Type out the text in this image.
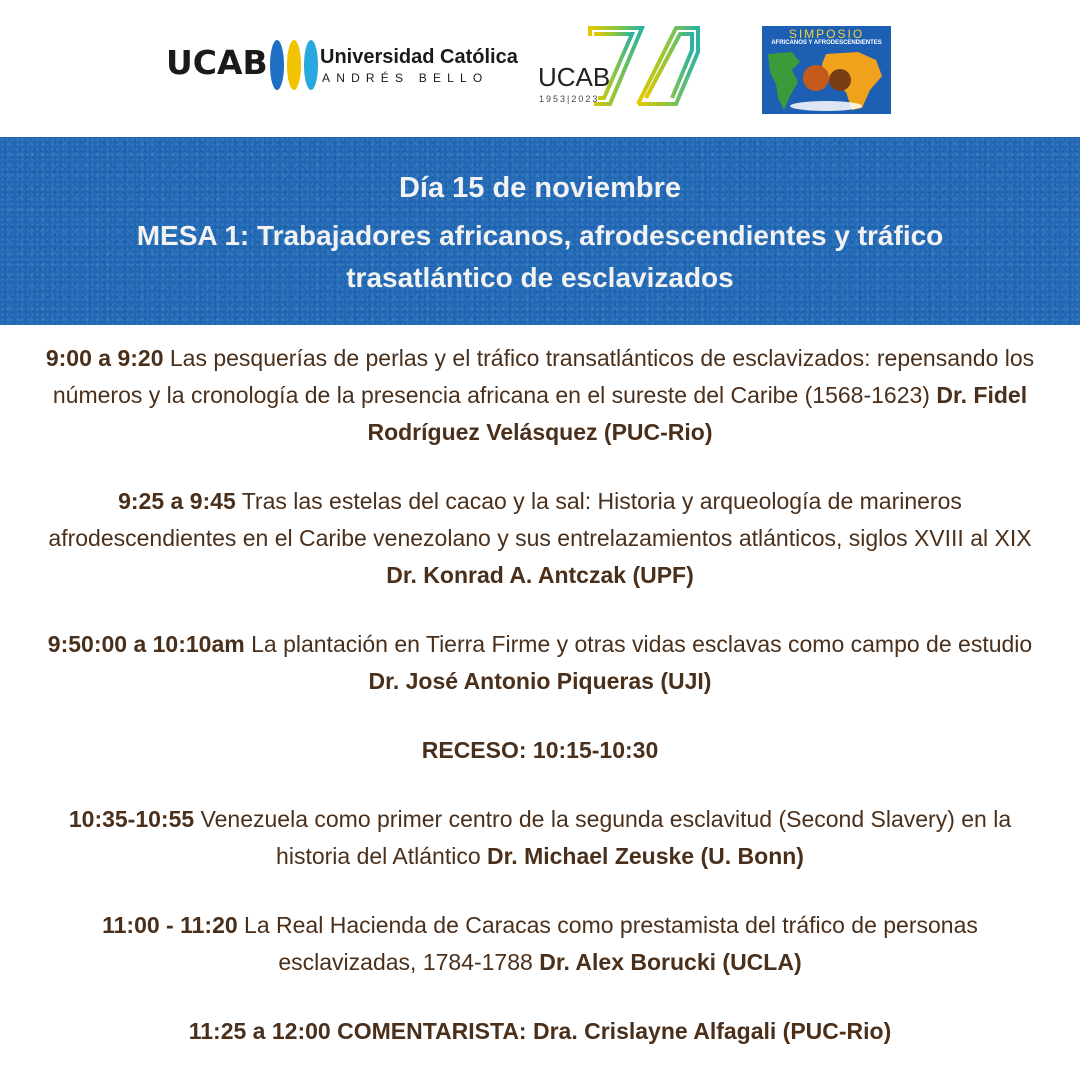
UCAB	Universidad Católica
ANDRÉS BELLO UCAB
1953|2023
SIMPOSIO
AFRICANOS Y AFRODESCENDIENTES
Día 15 de noviembre
MESA 1: Trabajadores africanos, afrodescendientes y tráfico
trasatlántico de esclavizados
9:00 a 9:20 Las pesquerías de perlas y el tráfico transatlánticos de esclavizados: repensando los números y la cronología de la presencia africana en el sureste del Caribe (1568-1623) Dr. Fidel Rodríguez Velásquez (PUC-Rio)
9:25 a 9:45 Tras las estelas del cacao y la sal: Historia y arqueología de marineros afrodescendientes en el Caribe venezolano y sus entrelazamientos atlánticos, siglos XVIII al XIX Dr. Konrad A. Antczak (UPF)
9:50:00 a 10:10am La plantación en Tierra Firme y otras vidas esclavas como campo de estudio Dr. José Antonio Piqueras (UJI)
RECESO: 10:15-10:30
10:35-10:55 Venezuela como primer centro de la segunda esclavitud (Second Slavery) en la historia del Atlántico Dr. Michael Zeuske (U. Bonn)
11:00 - 11:20 La Real Hacienda de Caracas como prestamista del tráfico de personas esclavizadas, 1784-1788 Dr. Alex Borucki (UCLA)
11:25 a 12:00 COMENTARISTA: Dra. Crislayne Alfagali (PUC-Rio)
